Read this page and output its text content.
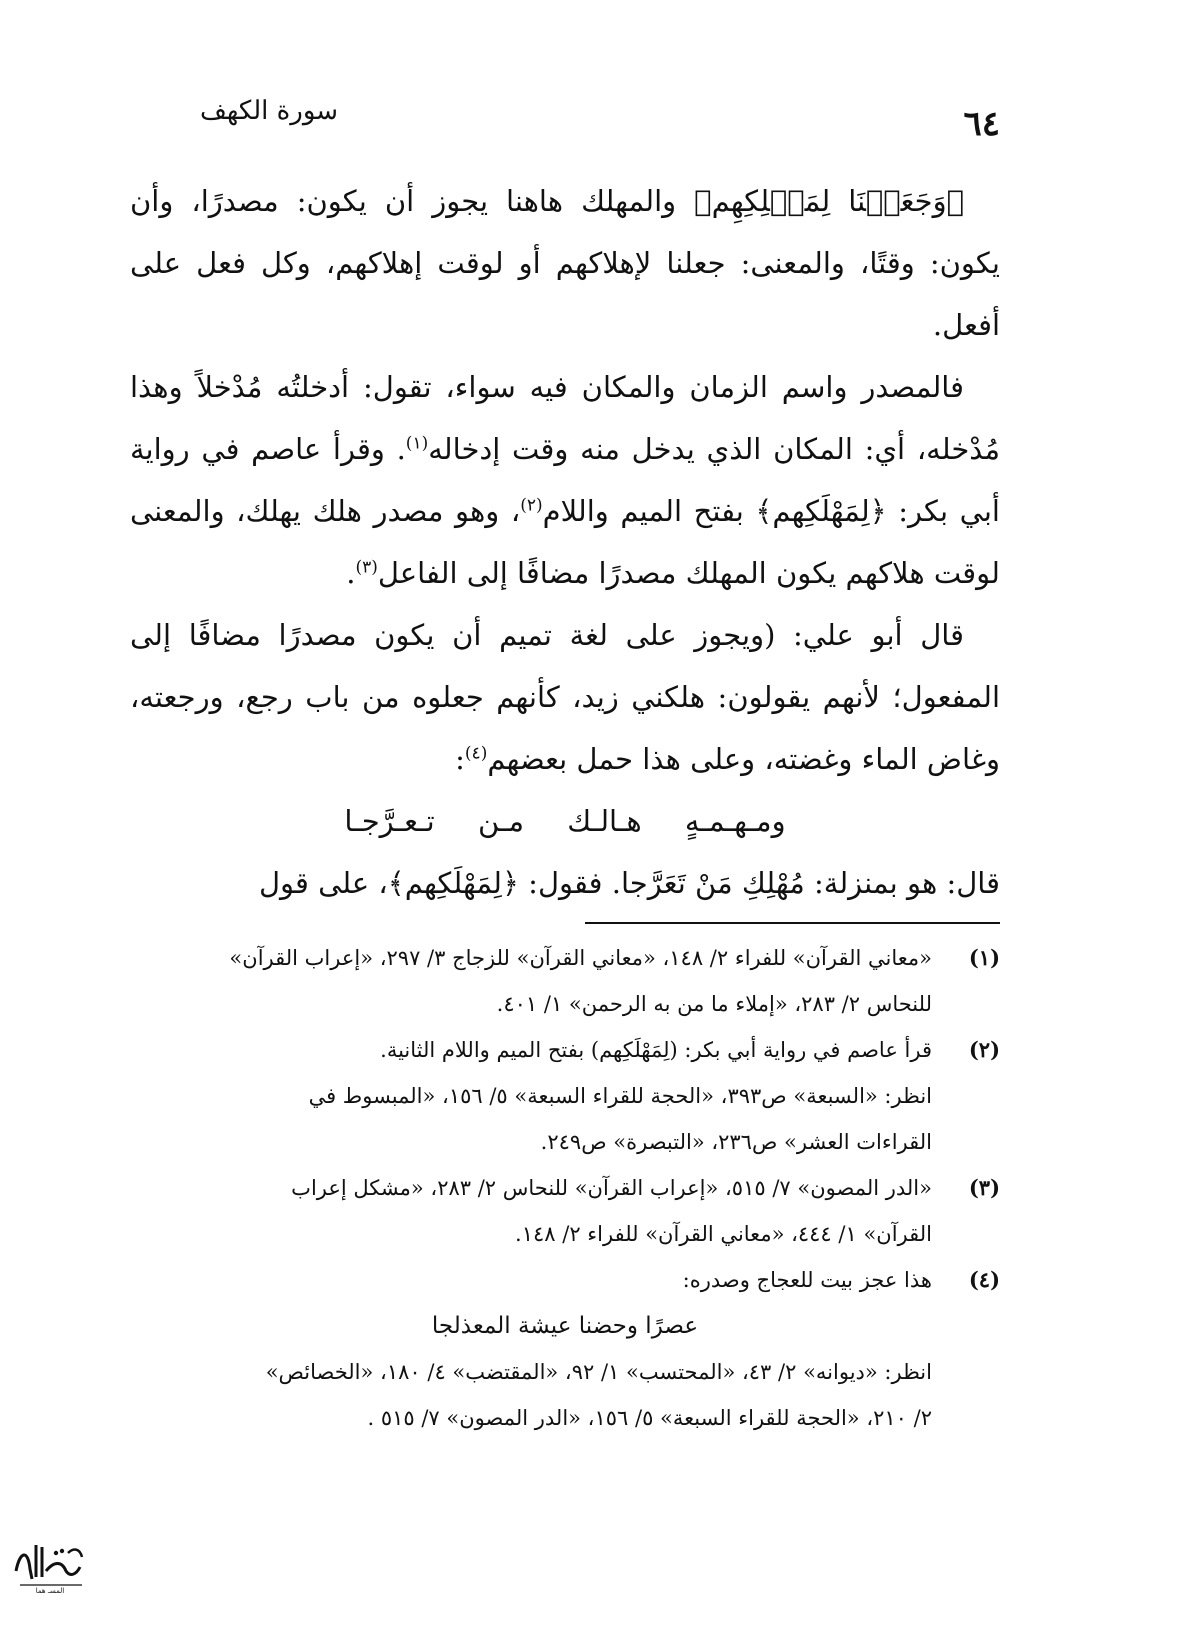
٦٤
سورة الكهف

﴿وَجَعَلۡنَا لِمَهۡلِكِهِم﴾ والمهلك هاهنا يجوز أن يكون: مصدرًا، وأن يكون: وقتًا، والمعنى: جعلنا لإهلاكهم أو لوقت إهلاكهم، وكل فعل على أفعل.

فالمصدر واسم الزمان والمكان فيه سواء، تقول: أدخلتُه مُدْخلاً وهذا مُدْخله، أي: المكان الذي يدخل منه وقت إدخاله$^{(١)}$. وقرأ عاصم في رواية أبي بكر: ﴿لِمَهْلَكِهم﴾ بفتح الميم واللام$^{(٢)}$، وهو مصدر هلك يهلك، والمعنى لوقت هلاكهم يكون المهلك مصدرًا مضافًا إلى الفاعل$^{(٣)}$.

قال أبو علي: (ويجوز على لغة تميم أن يكون مصدرًا مضافًا إلى المفعول؛ لأنهم يقولون: هلكني زيد، كأنهم جعلوه من باب رجع، ورجعته، وغاض الماء وغضته، وعلى هذا حمل بعضهم$^{(٤)}$:

ومـهـمـهٍ هـالـك مـن تـعـرَّجـا

قال: هو بمنزلة: مُهْلِكِ مَنْ تَعَرَّجا. فقول: ﴿لِمَهْلَكِهم﴾، على قول

(١)
«معاني القرآن» للفراء ٢/ ١٤٨، «معاني القرآن» للزجاج ٣/ ٢٩٧، «إعراب القرآن»
للنحاس ٢/ ٢٨٣، «إملاء ما من به الرحمن» ١/ ٤٠١.
(٢)
قرأ عاصم في رواية أبي بكر: (لِمَهْلَكِهم) بفتح الميم واللام الثانية.
انظر: «السبعة» ص٣٩٣، «الحجة للقراء السبعة» ٥/ ١٥٦، «المبسوط في
القراءات العشر» ص٢٣٦، «التبصرة» ص٢٤٩.
(٣)
«الدر المصون» ٧/ ٥١٥، «إعراب القرآن» للنحاس ٢/ ٢٨٣، «مشكل إعراب
القرآن» ١/ ٤٤٤، «معاني القرآن» للفراء ٢/ ١٤٨.
(٤)
هذا عجز بيت للعجاج وصدره:
عصرًا وحضنا عيشة المعذلجا
انظر: «ديوانه» ٢/ ٤٣، «المحتسب» ١/ ٩٢، «المقتضب» ٤/ ١٨٠، «الخصائص»
٢/ ٢١٠، «الحجة للقراء السبعة» ٥/ ١٥٦، «الدر المصون» ٧/ ٥١٥ .
المسـ هما
